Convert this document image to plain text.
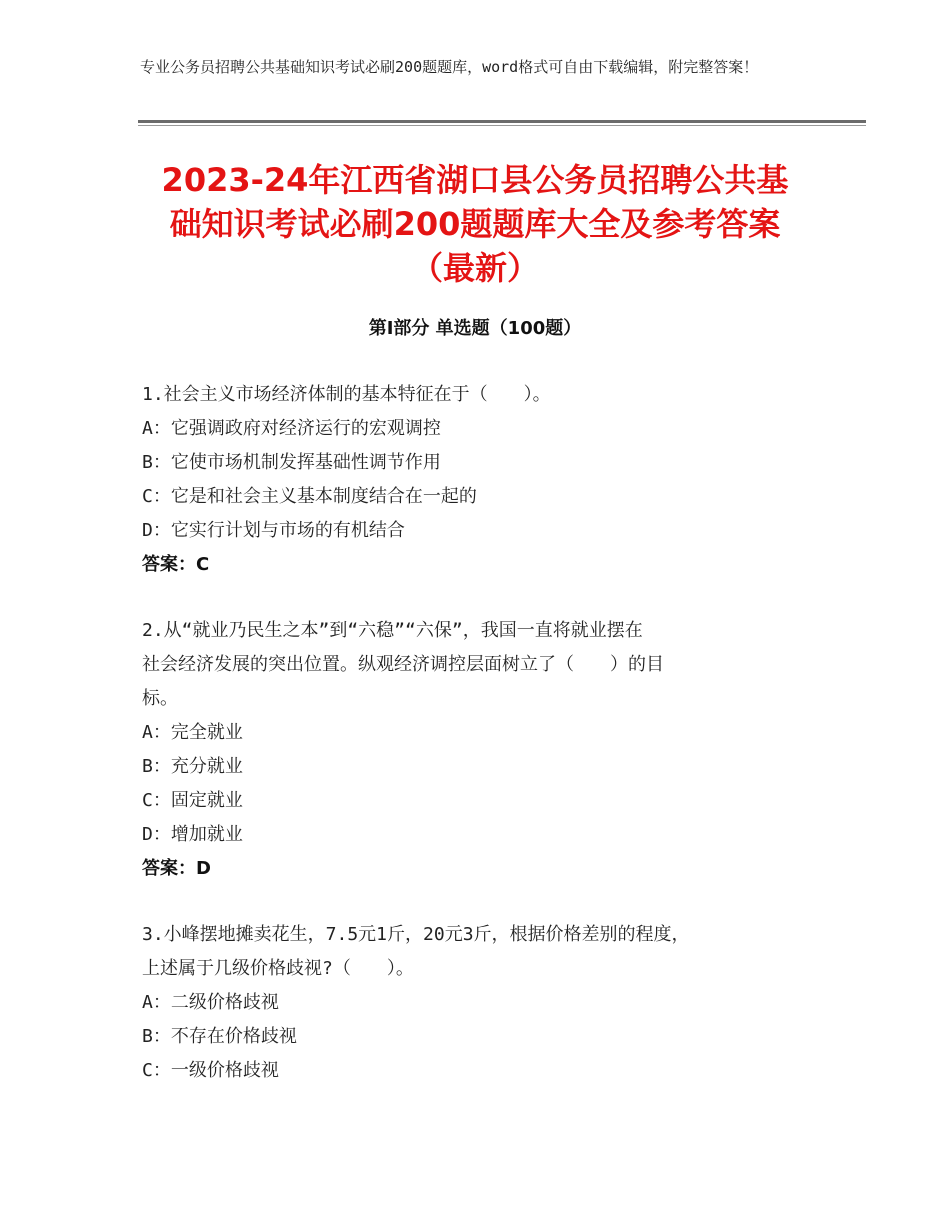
专业公务员招聘公共基础知识考试必刷200题题库，word格式可自由下载编辑，附完整答案！
2023-24年江西省湖口县公务员招聘公共基
础知识考试必刷200题题库大全及参考答案
（最新）
第Ⅰ部分 单选题（100题）
1.社会主义市场经济体制的基本特征在于（　　）。
A：它强调政府对经济运行的宏观调控
B：它使市场机制发挥基础性调节作用
C：它是和社会主义基本制度结合在一起的
D：它实行计划与市场的有机结合
答案：C
2.从“就业乃民生之本”到“六稳”“六保”，我国一直将就业摆在
社会经济发展的突出位置。纵观经济调控层面树立了（　　）的目
标。
A：完全就业
B：充分就业
C：固定就业
D：增加就业
答案：D
3.小峰摆地摊卖花生，7.5元1斤，20元3斤，根据价格差别的程度，
上述属于几级价格歧视?（　　）。
A：二级价格歧视
B：不存在价格歧视
C：一级价格歧视
